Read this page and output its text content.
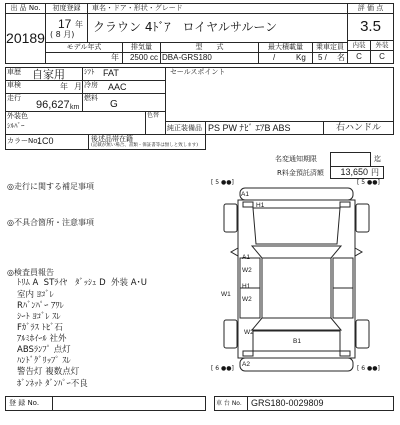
出 品 No.
20189
初度登録
17 年
( 8 月)
車名・ドア・形状・グレード
クラウン 4ﾄﾞｱ　ロイヤルサルーン
評 価 点
3.5
内装	外装
C	C
モデル年式	排気量	型　　式	最大積載量	乗車定員
年	2500 cc DBA-GRS180	/	Kg 5 / 名
車歴 自家用	ｼﾌﾄ FAT	セールスポイント
車検	年 月 冷房 AAC
走行
96,627 km
燃料
G
外装色
ｼﾙﾊﾞｰ
色替
純正装備品 PS PW ﾅﾋﾞ ｴｱB ABS	右ハンドル
カラーNo.
1C0	後述品帯在籍
(記載が無い場合、書類・保証書等は無しと致します)
名変通知期限	迄
R料金預託済額	13,650 円
◎走行に関する補足事項
◎不具合箇所・注意事項
◎検査員報告
ﾄﾘﾑ A  STﾗｲﾔ   ﾀﾞｯｼｭ D  外装 A･U
室内 ﾖｺﾞﾚ
Rﾊﾞﾝﾊﾟｰ ｱﾜﾚ
ｼｰﾄ ﾖｺﾞﾚ ｽﾚ
Fｶﾞﾗｽ ﾄﾋﾞ石
ｱﾙﾐﾎｲｰﾙ 社外
ABSﾗﾝﾌﾟ 点灯
ﾊﾝﾄﾞｸﾞﾘｯﾌﾟ ｽﾚ
警告灯 複数点灯
ﾎﾞﾝﾈｯﾄ ﾀﾞﾝﾊﾟｰ不良
[ 5 ●●]	[ 5 ●●]
[ 6 ●●]	[ 6 ●●]
A1
H1
A1
W2
H1
W2
W1
W2
B1
A2
登 録 No.	車 台 No. GRS180-0029809
